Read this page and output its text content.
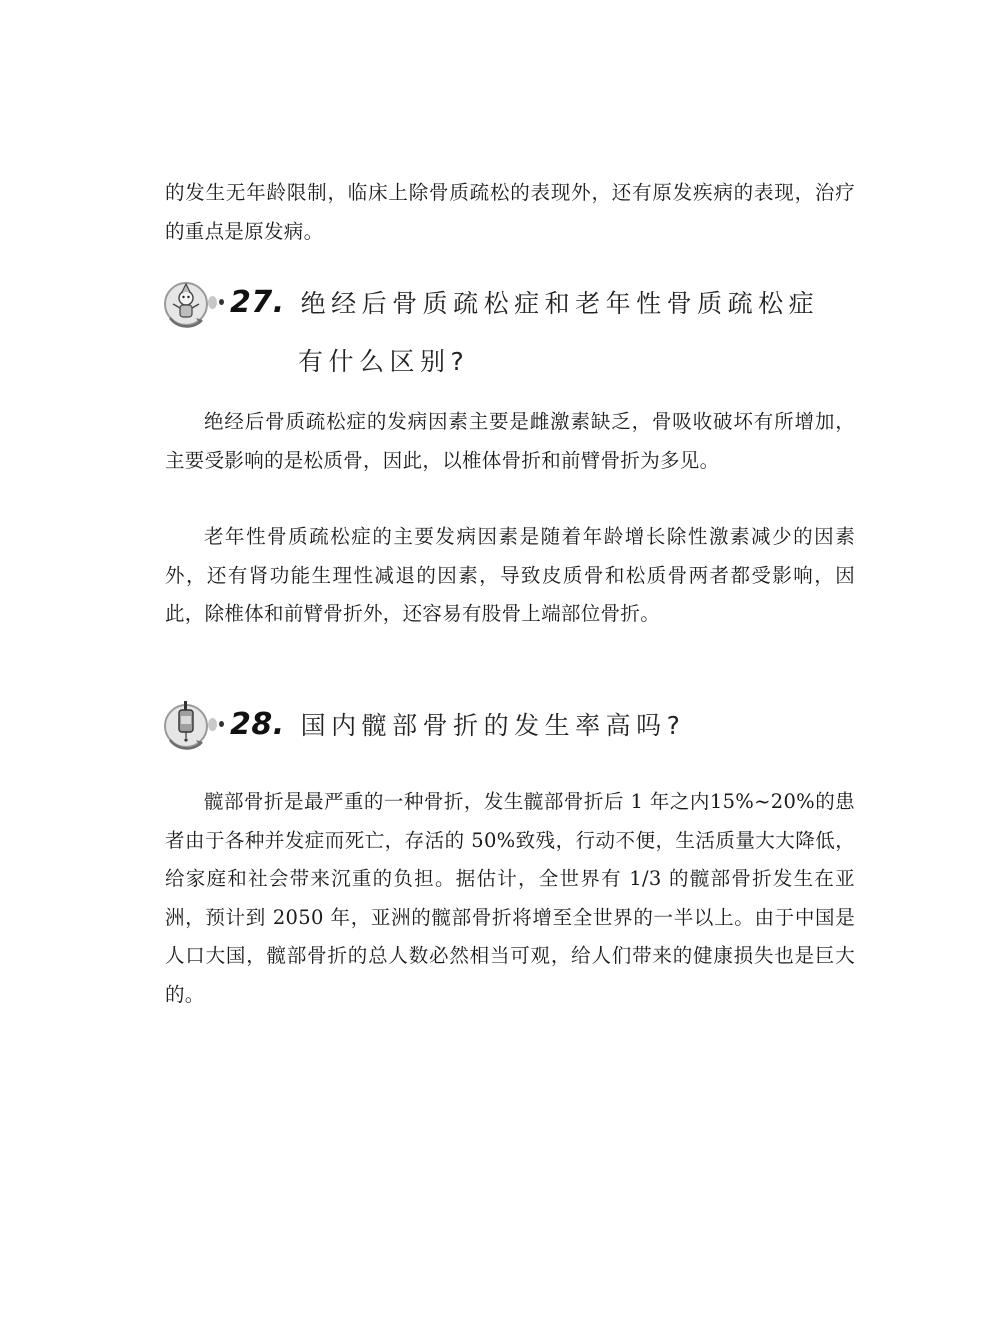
的发生无年龄限制，临床上除骨质疏松的表现外，还有原发疾病的表现，治疗的重点是原发病。

27. 绝经后骨质疏松症和老年性骨质疏松症
有什么区别?

绝经后骨质疏松症的发病因素主要是雌激素缺乏，骨吸收破坏有所增加，主要受影响的是松质骨，因此，以椎体骨折和前臂骨折为多见。

老年性骨质疏松症的主要发病因素是随着年龄增长除性激素减少的因素外，还有肾功能生理性减退的因素，导致皮质骨和松质骨两者都受影响，因此，除椎体和前臂骨折外，还容易有股骨上端部位骨折。

28. 国内髋部骨折的发生率高吗?

髋部骨折是最严重的一种骨折，发生髋部骨折后 1 年之内15%~20%的患者由于各种并发症而死亡，存活的 50%致残，行动不便，生活质量大大降低，给家庭和社会带来沉重的负担。据估计，全世界有 1/3 的髋部骨折发生在亚洲，预计到 2050 年，亚洲的髋部骨折将增至全世界的一半以上。由于中国是人口大国，髋部骨折的总人数必然相当可观，给人们带来的健康损失也是巨大的。
